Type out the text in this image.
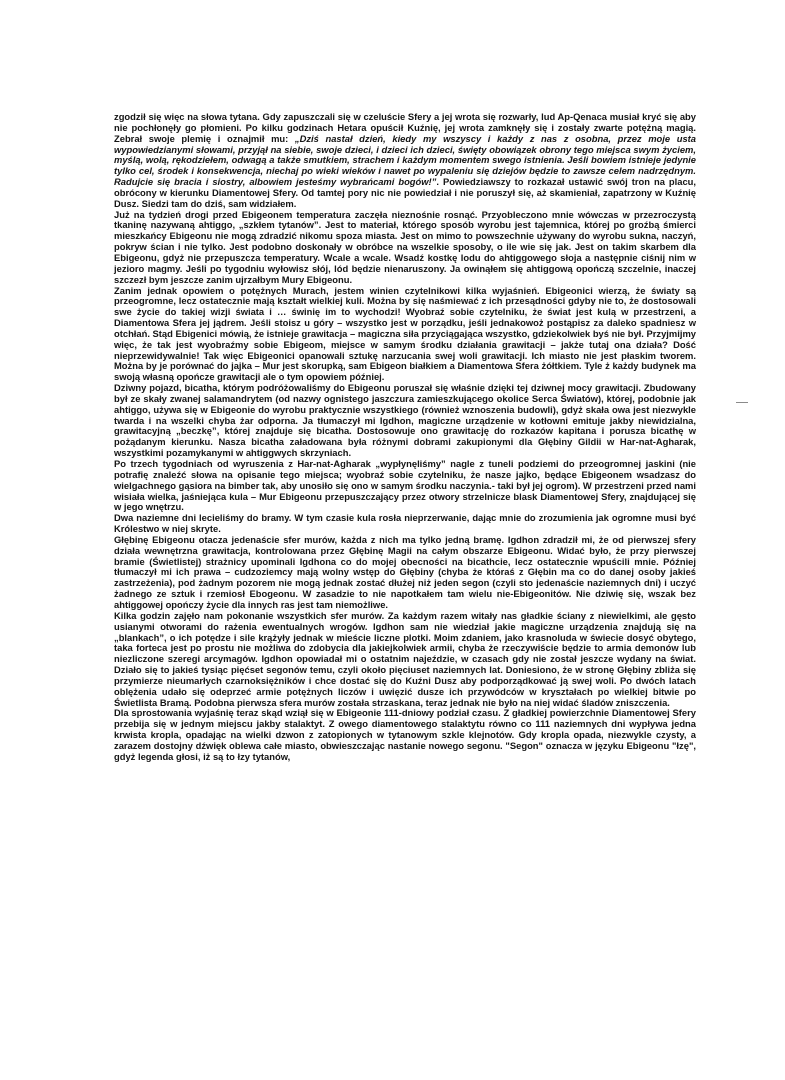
zgodził się więc na słowa tytana. Gdy zapuszczali się w czeluście Sfery a jej wrota się rozwarły, lud Ap-Qenaca musiał kryć się aby nie pochłonęły go płomieni. Po kilku godzinach Hetara opuścił Kuźnię, jej wrota zamknęły się i zostały zwarte potężną magią. Zebrał swoje plemię i oznajmił mu: „Dziś nastał dzień, kiedy my wszyscy i każdy z nas z osobna, przez moje usta wypowiedzianymi słowami, przyjął na siebie, swoje dzieci, i dzieci ich dzieci, święty obowiązek obrony tego miejsca swym życiem, myślą, wolą, rękodziełem, odwagą a także smutkiem, strachem i każdym momentem swego istnienia. Jeśli bowiem istnieje jedynie tylko cel, środek i konsekwencja, niechaj po wieki wieków i nawet po wypaleniu się dziejów będzie to zawsze celem nadrzędnym. Radujcie się bracia i siostry, albowiem jesteśmy wybrańcami bogów!”. Powiedziawszy to rozkazał ustawić swój tron na placu, obrócony w kierunku Diamentowej Sfery. Od tamtej pory nic nie powiedział i nie poruszył się, aż skamieniał, zapatrzony w Kuźnię Dusz. Siedzi tam do dziś, sam widziałem.

Już na tydzień drogi przed Ebigeonem temperatura zaczęła nieznośnie rosnąć. Przyobleczono mnie wówczas w przezroczystą tkaninę nazywaną ahtiggo, „szkłem tytanów”. Jest to materiał, którego sposób wyrobu jest tajemnica, której po groźbą śmierci mieszkańcy Ebigeonu nie mogą zdradzić nikomu spoza miasta. Jest on mimo to powszechnie używany do wyrobu sukna, naczyń, pokryw ścian i nie tylko. Jest podobno doskonały w obróbce na wszelkie sposoby, o ile wie się jak. Jest on takim skarbem dla Ebigeonu, gdyż nie przepuszcza temperatury. Wcale a wcale. Wsadź kostkę lodu do ahtiggowego słoja a następnie ciśnij nim w jezioro magmy. Jeśli po tygodniu wyłowisz słój, lód będzie nienaruszony. Ja owinąłem się ahtiggową opończą szczelnie, inaczej szczezł bym jeszcze zanim ujrzałbym Mury Ebigeonu.

Zanim jednak opowiem o potężnych Murach, jestem winien czytelnikowi kilka wyjaśnień. Ebigeonici wierzą, że światy są przeogromne, lecz ostatecznie mają kształt wielkiej kuli. Można by się naśmiewać z ich przesądności gdyby nie to, że dostosowali swe życie do takiej wizji świata i … świnię im to wychodzi! Wyobraź sobie czytelniku, że świat jest kulą w przestrzeni, a Diamentowa Sfera jej jądrem. Jeśli stoisz u góry – wszystko jest w porządku, jeśli jednakowoż postąpisz za daleko spadniesz w otchłań. Stąd Ebigenici mówią, że istnieje grawitacja – magiczna siła przyciągająca wszystko, gdziekolwiek byś nie był. Przyjmijmy więc, że tak jest wyobraźmy sobie Ebigeom, miejsce w samym środku działania grawitacji – jakże tutaj ona działa? Dość nieprzewidywalnie! Tak więc Ebigeonici opanowali sztukę narzucania swej woli grawitacji. Ich miasto nie jest płaskim tworem. Można by je porównać do jajka – Mur jest skorupką, sam Ebigeon białkiem a Diamentowa Sfera żółtkiem. Tyle ż każdy budynek ma swoją własną opończe grawitacji ale o tym opowiem później.

Dziwny pojazd, bicatha, którym podróżowaliśmy do Ebigeonu poruszał się właśnie dzięki tej dziwnej mocy grawitacji. Zbudowany był ze skały zwanej salamandrytem (od nazwy ognistego jaszczura zamieszkującego okolice Serca Światów), której, podobnie jak ahtiggo, używa się w Ebigeonie do wyrobu praktycznie wszystkiego (również wznoszenia budowli), gdyż skała owa jest niezwykle twarda i na wszelki chyba żar odporna. Ja tłumaczył mi Igdhon, magiczne urządzenie w kotłowni emituje jakby niewidzialna, grawitacyjną „beczkę”, której znajduje się bicatha. Dostosowuje ono grawitację do rozkazów kapitana i porusza bicathę w pożądanym kierunku. Nasza bicatha załadowana była różnymi dobrami zakupionymi dla Głębiny Gildii w Har-nat-Agharak, wszystkimi pozamykanymi w ahtiggwych skrzyniach.

Po trzech tygodniach od wyruszenia z Har-nat-Agharak „wypłynęliśmy” nagle z tuneli podziemi do przeogromnej jaskini (nie potrafię znaleźć słowa na opisanie tego miejsca; wyobraź sobie czytelniku, że nasze jajko, będące Ebigeonem wsadzasz do wielgachnego gąsiora na bimber tak, aby unosiło się ono w samym środku naczynia.- taki był jej ogrom). W przestrzeni przed nami wisiała wielka, jaśniejąca kula – Mur Ebigeonu przepuszczający przez otwory strzelnicze blask Diamentowej Sfery, znajdującej się w jego wnętrzu.

Dwa naziemne dni lecieliśmy do bramy. W tym czasie kula rosła nieprzerwanie, dając mnie do zrozumienia jak ogromne musi być Królestwo w niej skryte.

Głębinę Ebigeonu otacza jedenaście sfer murów, każda z nich ma tylko jedną bramę. Igdhon zdradził mi, że od pierwszej sfery działa wewnętrzna grawitacja, kontrolowana przez Głębinę Magii na całym obszarze Ebigeonu. Widać było, że przy pierwszej bramie (Świetlistej) strażnicy upominali Igdhona co do mojej obecności na bicathcie, lecz ostatecznie wpuścili mnie. Później tłumaczył mi ich prawa – cudzoziemcy mają wolny wstęp do Głębiny (chyba że któraś z Głębin ma co do danej osoby jakieś zastrzeżenia), pod żadnym pozorem nie mogą jednak zostać dłużej niż jeden segon (czyli sto jedenaście naziemnych dni) i uczyć żadnego ze sztuk i rzemiosł Ebogeonu. W zasadzie to nie napotkałem tam wielu nie-Ebigeonitów. Nie dziwię się, wszak bez ahtiggowej opończy życie dla innych ras jest tam niemożliwe.

Kilka godzin zajęło nam pokonanie wszystkich sfer murów. Za każdym razem witały nas gładkie ściany z niewielkimi, ale gęsto usianymi otworami do rażenia ewentualnych wrogów. Igdhon sam nie wiedział jakie magiczne urządzenia znajdują się na „blankach”, o ich potędze i sile krążyły jednak w mieście liczne plotki. Moim zdaniem, jako krasnoluda w świecie dosyć obytego, taka forteca jest po prostu nie możliwa do zdobycia dla jakiejkolwiek armii, chyba że rzeczywiście będzie to armia demonów lub niezliczone szeregi arcymagów. Igdhon opowiadał mi o ostatnim najeździe, w czasach gdy nie został jeszcze wydany na świat. Działo się to jakieś tysiąc pięćset segonów temu, czyli około pięciuset naziemnych lat. Doniesiono, że w stronę Głębiny zbliża się przymierze nieumarłych czarnoksiężników i chce dostać się do Kuźni Dusz aby podporządkować ją swej woli. Po dwóch latach oblężenia udało się odeprzeć armie potężnych liczów i uwięzić dusze ich przywódców w kryształach po wielkiej bitwie po Świetlista Bramą. Podobna pierwsza sfera murów została strzaskana, teraz jednak nie było na niej widać śladów zniszczenia.

Dla sprostowania wyjaśnię teraz skąd wziął się w Ebigeonie 111-dniowy podział czasu. Z gładkiej powierzchnie Diamentowej Sfery przebija się w jednym miejscu jakby stalaktyt. Z owego diamentowego stalaktytu równo co 111 naziemnych dni wypływa jedna krwista kropla, opadając na wielki dzwon z zatopionych w tytanowym szkle klejnotów. Gdy kropla opada, niezwykle czysty, a zarazem dostojny dźwięk oblewa całe miasto, obwieszczając nastanie nowego segonu. "Segon" oznacza w języku Ebigeonu "łzę", gdyż legenda głosi, iż są to łzy tytanów,
